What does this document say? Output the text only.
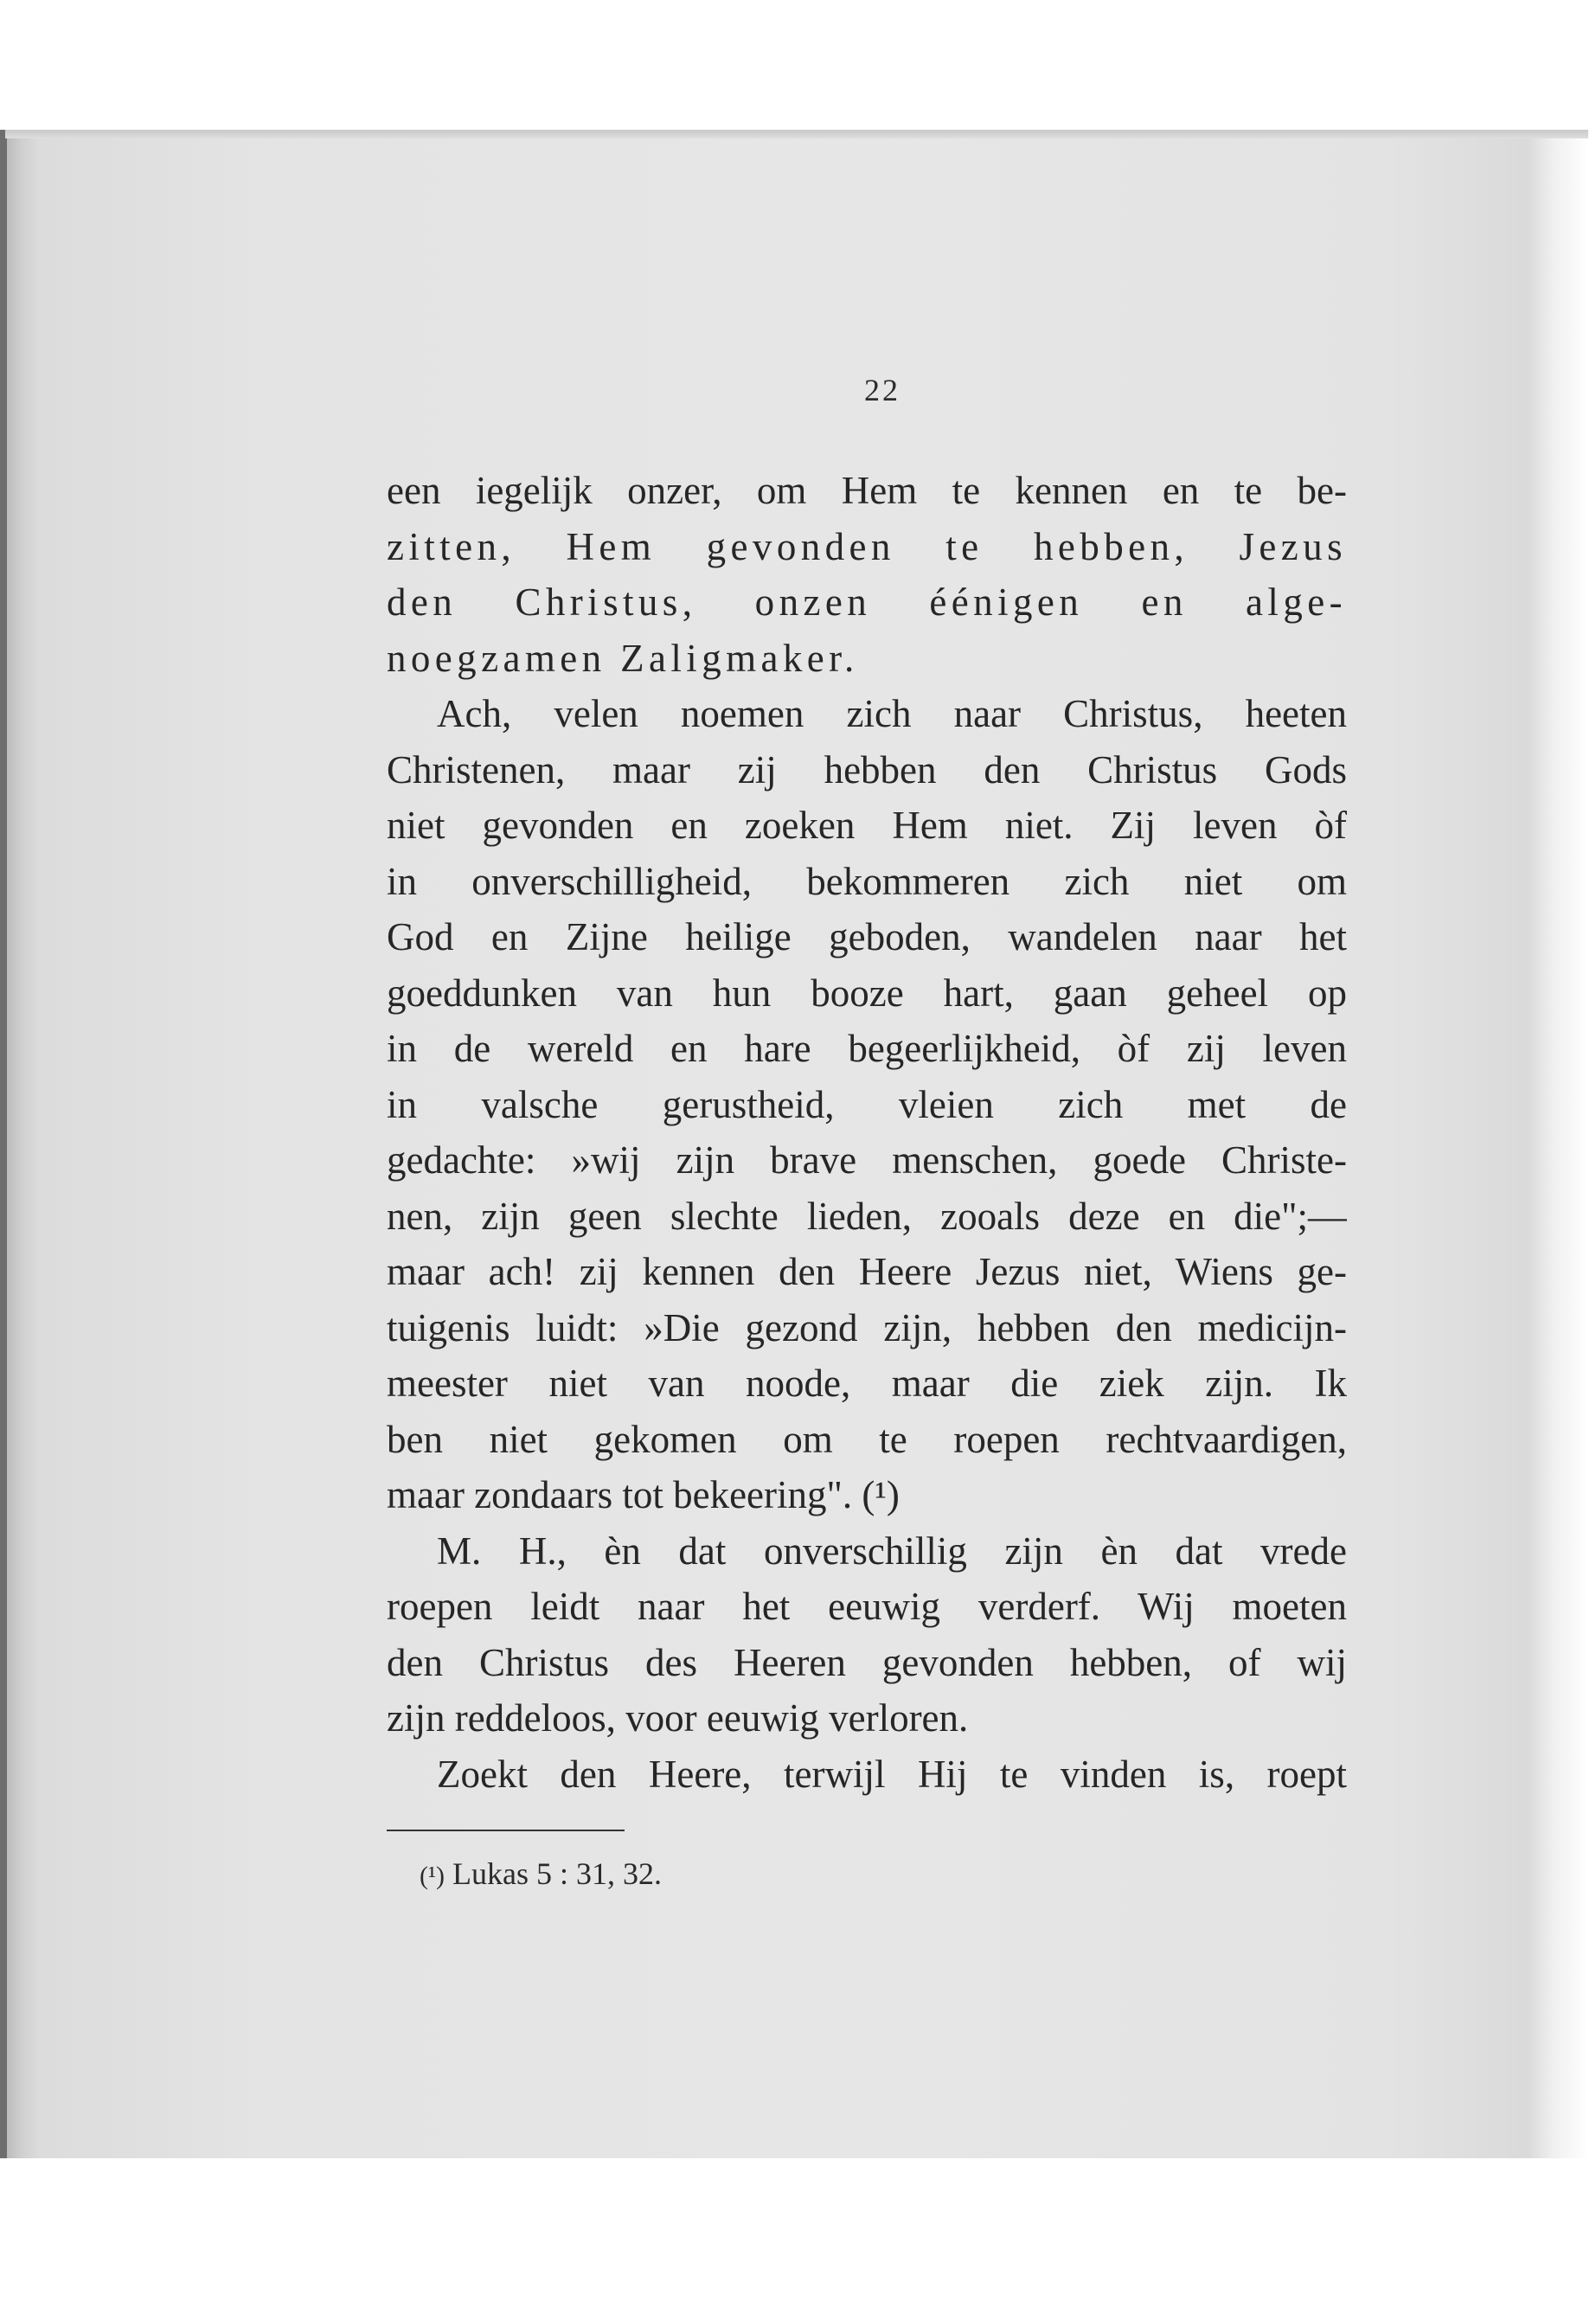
22
een iegelijk onzer, om Hem te kennen en te be-
zitten, Hem gevonden te hebben, Jezus
den Christus, onzen éénigen en alge-
noegzamen Zaligmaker.
Ach, velen noemen zich naar Christus, heeten
Christenen, maar zij hebben den Christus Gods
niet gevonden en zoeken Hem niet. Zij leven òf
in onverschilligheid, bekommeren zich niet om
God en Zijne heilige geboden, wandelen naar het
goeddunken van hun booze hart, gaan geheel op
in de wereld en hare begeerlijkheid, òf zij leven
in valsche gerustheid, vleien zich met de
gedachte: »wij zijn brave menschen, goede Christe-
nen, zijn geen slechte lieden, zooals deze en die";—
maar ach! zij kennen den Heere Jezus niet, Wiens ge-
tuigenis luidt: »Die gezond zijn, hebben den medicijn-
meester niet van noode, maar die ziek zijn. Ik
ben niet gekomen om te roepen rechtvaardigen,
maar zondaars tot bekeering". (¹)
M. H., èn dat onverschillig zijn èn dat vrede
roepen leidt naar het eeuwig verderf. Wij moeten
den Christus des Heeren gevonden hebben, of wij
zijn reddeloos, voor eeuwig verloren.
Zoekt den Heere, terwijl Hij te vinden is, roept
(¹) Lukas 5 : 31, 32.
